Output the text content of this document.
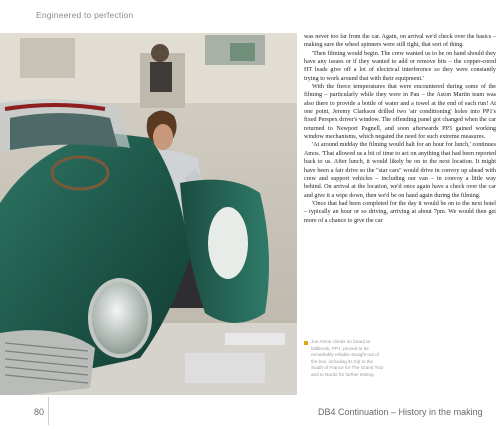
Engineered to perfection

was never too far from the car. Again, on arrival we'd check over the basics – making sure the wheel spinners were still tight, that sort of thing.

'Then filming would begin. The crew wanted us to be on hand should they have any issues or if they wanted to add or remove bits – the copper-cored HT leads give off a lot of electrical interference so they were constantly trying to work around that with their equipment.'

With the fierce temperatures that were encountered during some of the filming – particularly while they were in Pau – the Aston Martin team was also there to provide a bottle of water and a towel at the end of each run! At one point, Jeremy Clarkson drilled two 'air conditioning' holes into PP1's fixed Perspex driver's window. The offending panel got changed when the car returned to Newport Pagnell, and soon afterwards PP3 gained working window mechanisms, which negated the need for such extreme measures.

'At around midday the filming would halt for an hour for lunch,' continues Amos. 'That allowed us a bit of time to act on anything that had been reported back to us. After lunch, it would likely be on to the next location. It might have been a fair drive so the "star cars" would drive in convoy up ahead with crew and support vehicles – including our van – in convoy a little way behind. On arrival at the location, we'd once again have a check over the car and give it a wipe down, then we'd be on hand again during the filming.

'Once that had been completed for the day it would be on to the next hotel – typically an hour or so driving, arriving at about 7pm. We would then get more of a chance to give the car

Joe Amos climbs on board at Millbrook, PP1, proved to be remarkably reliable straight out of the box, including its trip to the South of France for The Grand Tour and to Nardo for further testing.
80	DB4 Continuation – History in the making
